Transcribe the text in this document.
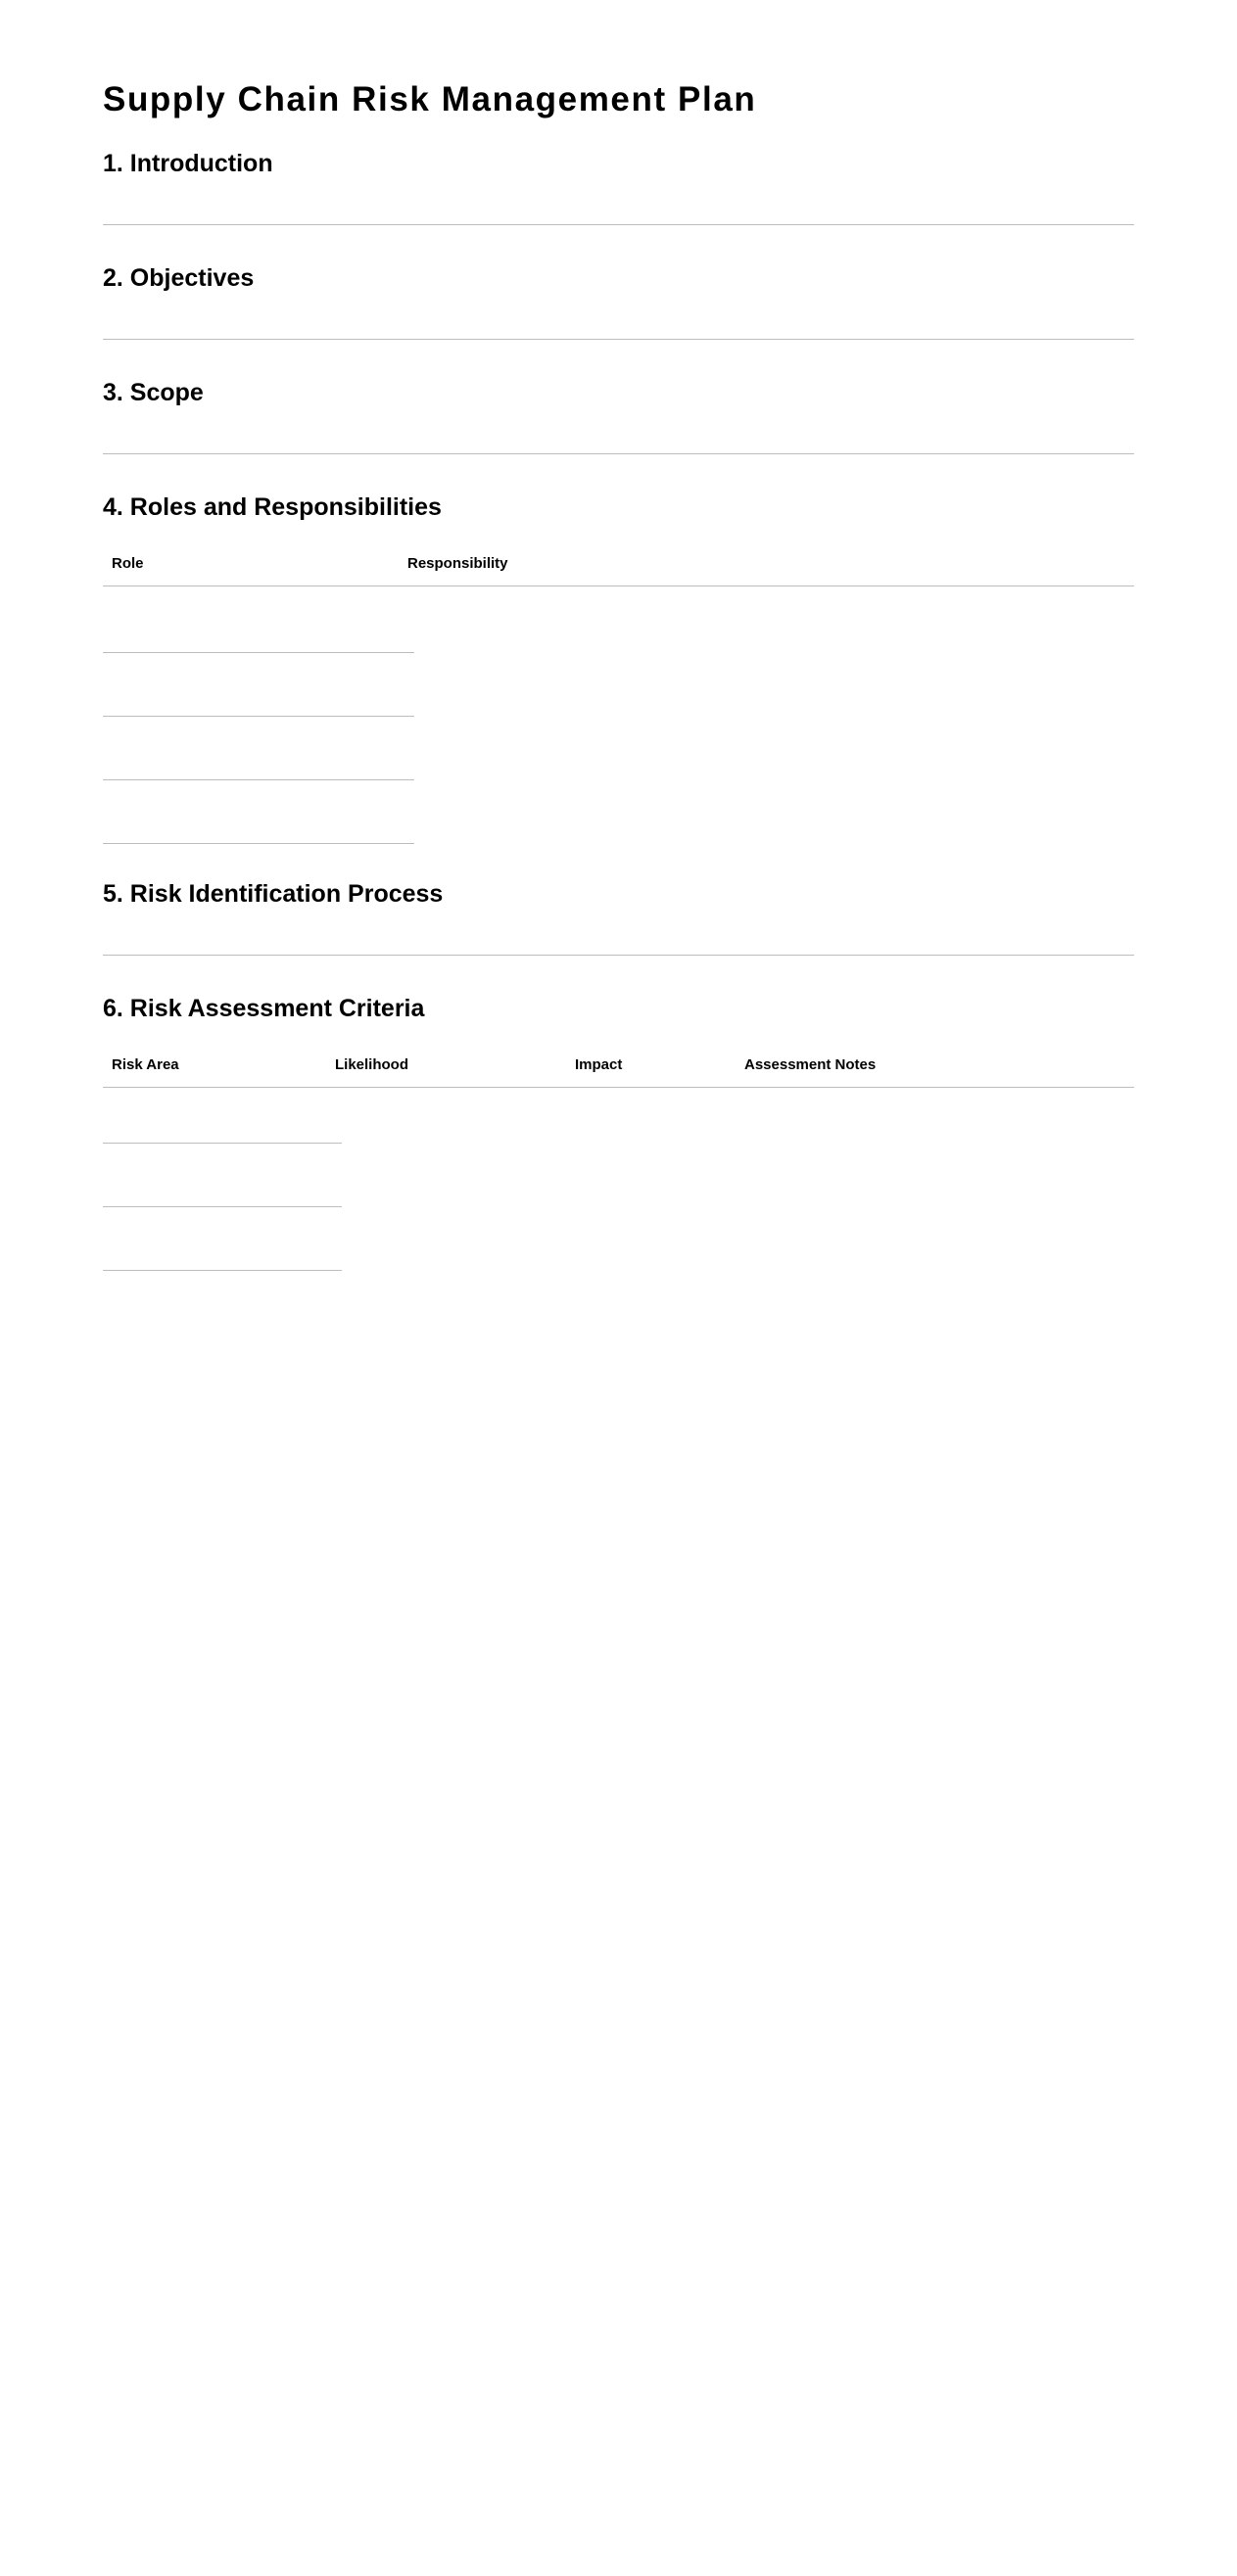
Supply Chain Risk Management Plan
1. Introduction
2. Objectives
3. Scope
4. Roles and Responsibilities
Role	Responsibility
5. Risk Identification Process
6. Risk Assessment Criteria
Risk Area	Likelihood	Impact	Assessment Notes
